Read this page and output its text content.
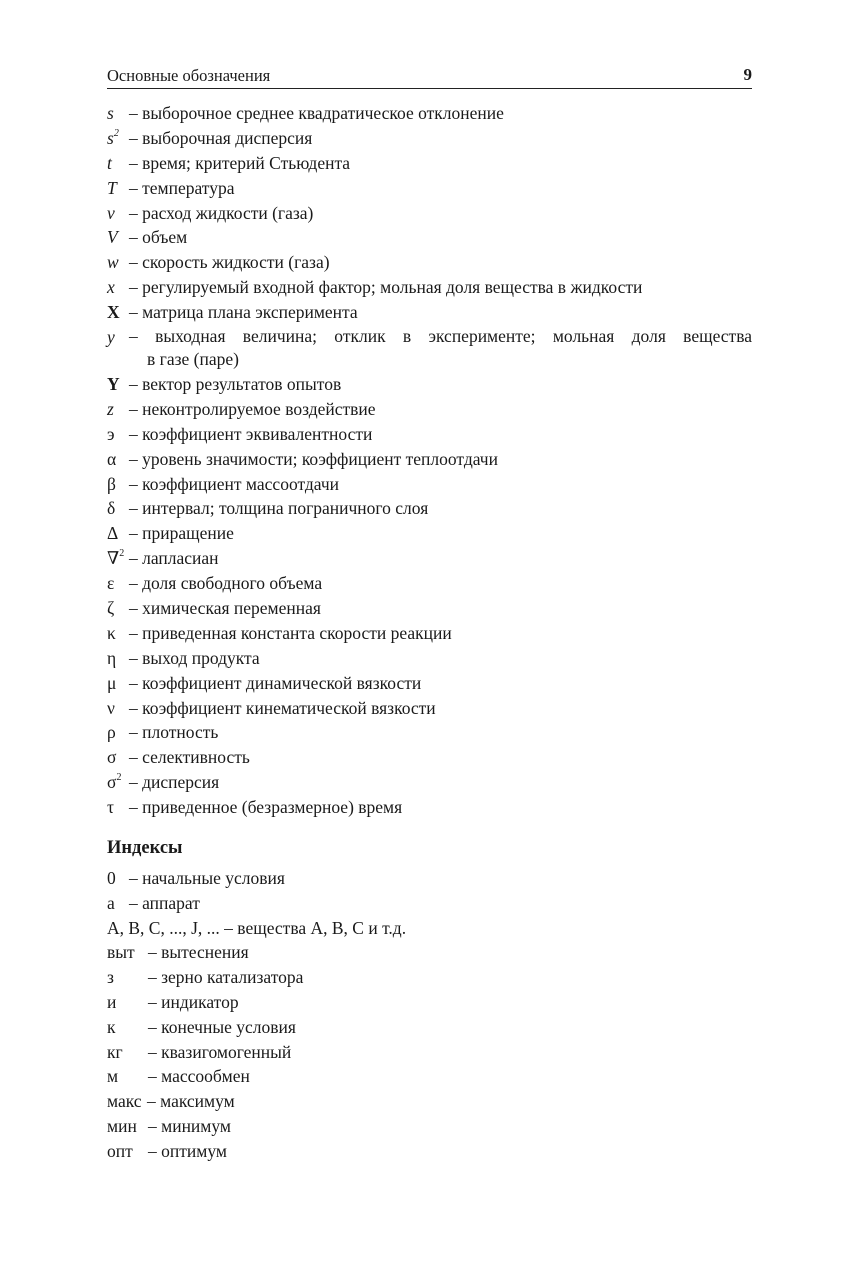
Основные обозначения	9
s – выборочное среднее квадратическое отклонение
$s^2$ – выборочная дисперсия
t – время; критерий Стьюдента
T – температура
v – расход жидкости (газа)
V – объем
w – скорость жидкости (газа)
x – регулируемый входной фактор; мольная доля вещества в жидкости
X – матрица плана эксперимента
y – выходная величина; отклик в эксперименте; мольная доля вещества
в газе (паре)
Y – вектор результатов опытов
z – неконтролируемое воздействие
э – коэффициент эквивалентности
α – уровень значимости; коэффициент теплоотдачи
β – коэффициент массоотдачи
δ – интервал; толщина пограничного слоя
Δ – приращение
∇$^2$ – лапласиан
ε – доля свободного объема
ζ – химическая переменная
κ – приведенная константа скорости реакции
η – выход продукта
μ – коэффициент динамической вязкости
ν – коэффициент кинематической вязкости
ρ – плотность
σ – селективность
$\sigma^2$ – дисперсия
τ – приведенное (безразмерное) время
Индексы
0 – начальные условия
а – аппарат
A, B, C, ..., J, ... – вещества A, B, C и т.д.
выт – вытеснения
з – зерно катализатора
и – индикатор
к – конечные условия
кг – квазигомогенный
м – массообмен
макс – максимум
мин – минимум
опт – оптимум
